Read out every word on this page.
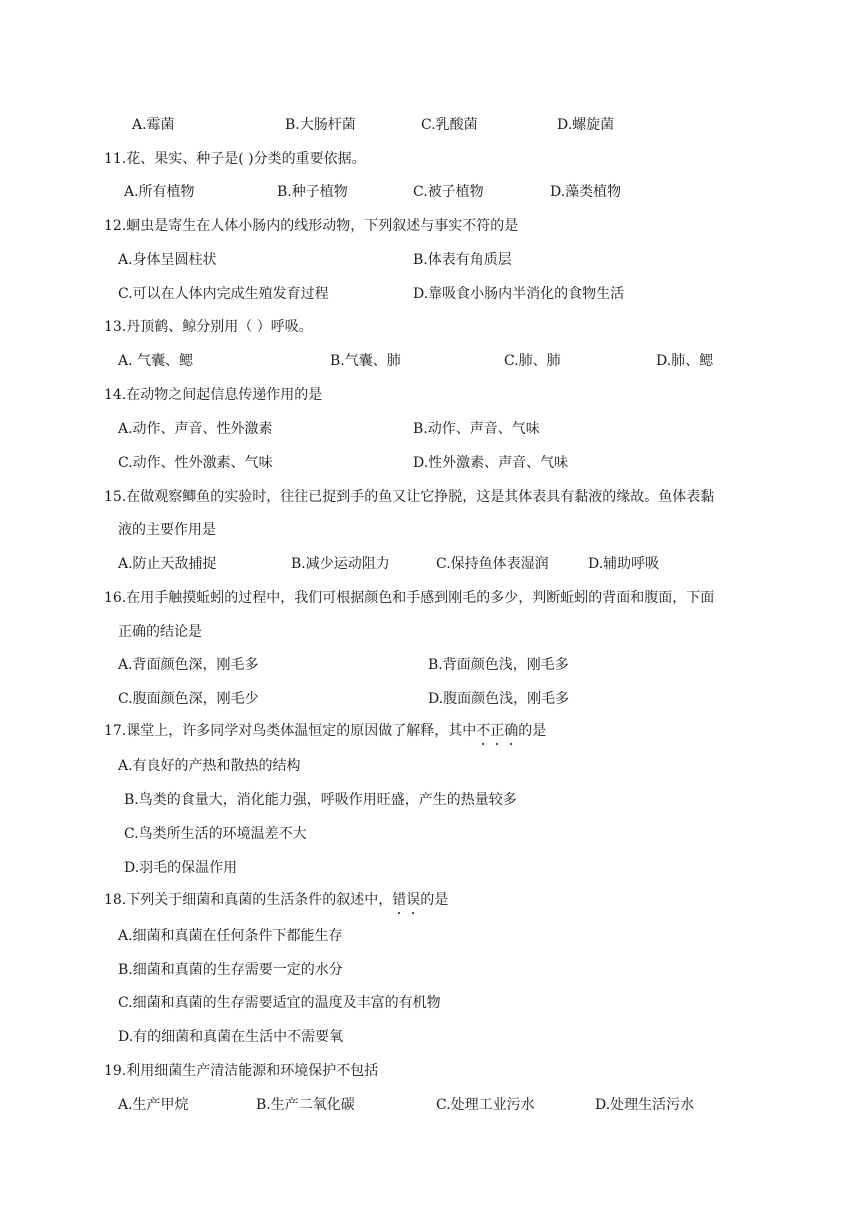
A.霉菌	B.大肠杆菌	C.乳酸菌	D.螺旋菌
11.花、果实、种子是( )分类的重要依据。
A.所有植物	B.种子植物	C.被子植物	D.藻类植物
12.蛔虫是寄生在人体小肠内的线形动物，下列叙述与事实不符的是
A.身体呈圆柱状	B.体表有角质层
C.可以在人体内完成生殖发育过程	D.靠吸食小肠内半消化的食物生活
13.丹顶鹤、鲸分别用（ ）呼吸。
A. 气囊、鳃	B.气囊、肺	C.肺、肺	D.肺、鳃
14.在动物之间起信息传递作用的是
A.动作、声音、性外激素	B.动作、声音、气味
C.动作、性外激素、气味	D.性外激素、声音、气味
15.在做观察鲫鱼的实验时，往往已捉到手的鱼又让它挣脱，这是其体表具有黏液的缘故。鱼体表黏
液的主要作用是
A.防止天敌捕捉	B.减少运动阻力	C.保持鱼体表湿润	D.辅助呼吸
16.在用手触摸蚯蚓的过程中，我们可根据颜色和手感到刚毛的多少，判断蚯蚓的背面和腹面，下面
正确的结论是
A.背面颜色深，刚毛多	B.背面颜色浅，刚毛多
C.腹面颜色深，刚毛少	D.腹面颜色浅，刚毛多
17.课堂上，许多同学对鸟类体温恒定的原因做了解释，其中不正确的是
A.有良好的产热和散热的结构
B.鸟类的食量大，消化能力强，呼吸作用旺盛，产生的热量较多
C.鸟类所生活的环境温差不大
D.羽毛的保温作用
18.下列关于细菌和真菌的生活条件的叙述中，错误的是
A.细菌和真菌在任何条件下都能生存
B.细菌和真菌的生存需要一定的水分
C.细菌和真菌的生存需要适宜的温度及丰富的有机物
D.有的细菌和真菌在生活中不需要氧
19.利用细菌生产清洁能源和环境保护不包括
A.生产甲烷	B.生产二氧化碳	C.处理工业污水	D.处理生活污水
